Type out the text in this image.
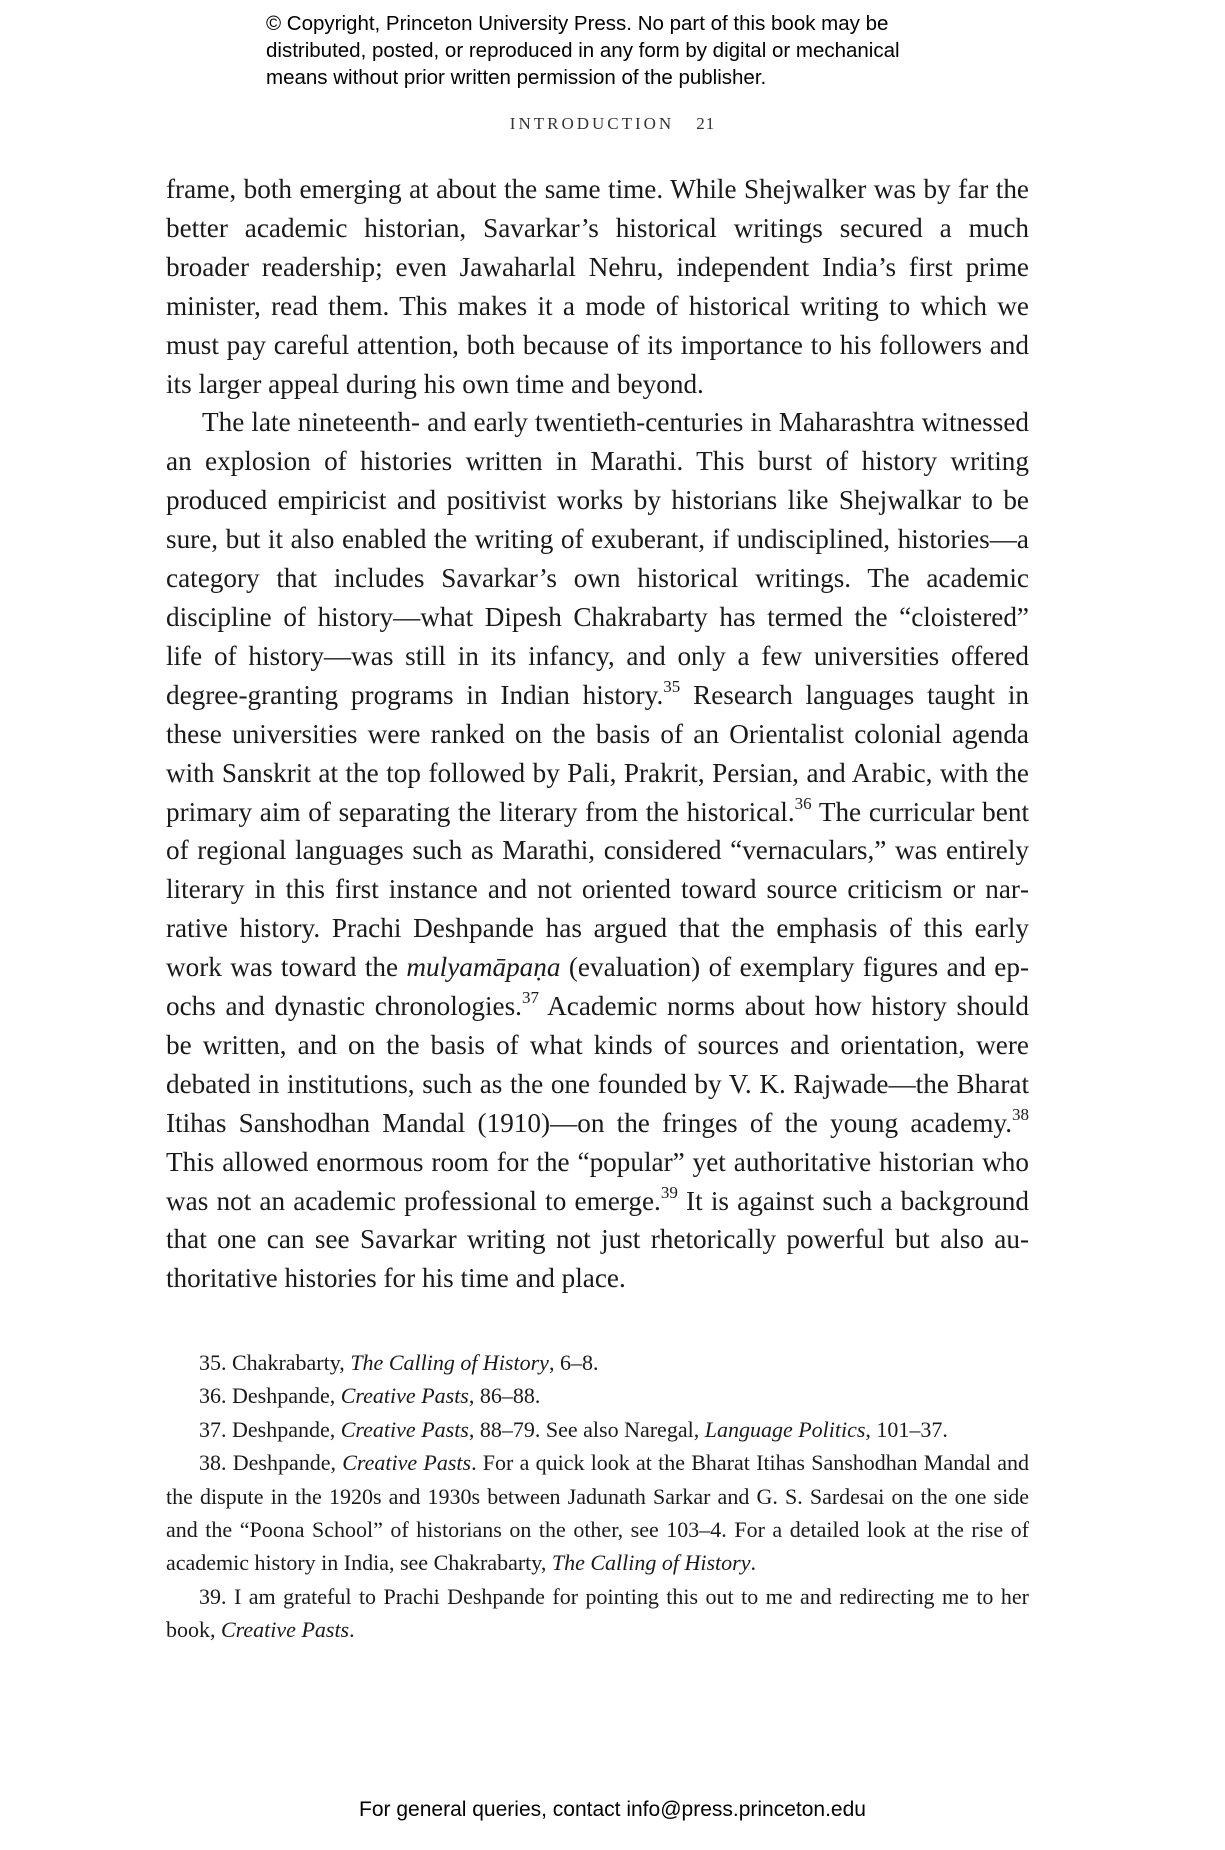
© Copyright, Princeton University Press. No part of this book may be
distributed, posted, or reproduced in any form by digital or mechanical
means without prior written permission of the publisher.
INTRODUCTION 21

frame, both emerging at about the same time. While Shejwalker was by far the better academic historian, Savarkar’s historical writings secured a much broader readership; even Jawaharlal Nehru, independent India’s first prime minister, read them. This makes it a mode of historical writing to which we must pay careful attention, both because of its importance to his followers and its larger appeal during his own time and beyond.

The late nineteenth- and early twentieth-centuries in Maharashtra witnessed an explosion of histories written in Marathi. This burst of history writing produced empiricist and positivist works by historians like Shejwalkar to be sure, but it also enabled the writing of exuberant, if undisciplined, histories—a category that includes Savarkar’s own historical writings. The academic discipline of history—what Dipesh Chakrabarty has termed the “cloistered” life of history—was still in its infancy, and only a few universities offered degree-granting programs in Indian history.$^{35}$ Research languages taught in these universities were ranked on the basis of an Orientalist colonial agenda with Sanskrit at the top followed by Pali, Prakrit, Persian, and Arabic, with the primary aim of separating the literary from the historical.$^{36}$ The curricular bent of regional languages such as Marathi, considered “vernaculars,” was entirely literary in this first instance and not oriented toward source criticism or narrative history. Prachi Deshpande has argued that the emphasis of this early work was toward the mulyamāpaṇa (evaluation) of exemplary figures and epochs and dynastic chronologies.$^{37}$ Academic norms about how history should be written, and on the basis of what kinds of sources and orientation, were debated in institutions, such as the one founded by V. K. Rajwade—the Bharat Itihas Sanshodhan Mandal (1910)—on the fringes of the young academy.$^{38}$ This allowed enormous room for the “popular” yet authoritative historian who was not an academic professional to emerge.$^{39}$ It is against such a background that one can see Savarkar writing not just rhetorically powerful but also authoritative histories for his time and place.

35. Chakrabarty, The Calling of History, 6–8.

36. Deshpande, Creative Pasts, 86–88.

37. Deshpande, Creative Pasts, 88–79. See also Naregal, Language Politics, 101–37.

38. Deshpande, Creative Pasts. For a quick look at the Bharat Itihas Sanshodhan Mandal and the dispute in the 1920s and 1930s between Jadunath Sarkar and G. S. Sardesai on the one side and the “Poona School” of historians on the other, see 103–4. For a detailed look at the rise of academic history in India, see Chakrabarty, The Calling of History.

39. I am grateful to Prachi Deshpande for pointing this out to me and redirecting me to her book, Creative Pasts.

For general queries, contact info@press.princeton.edu
